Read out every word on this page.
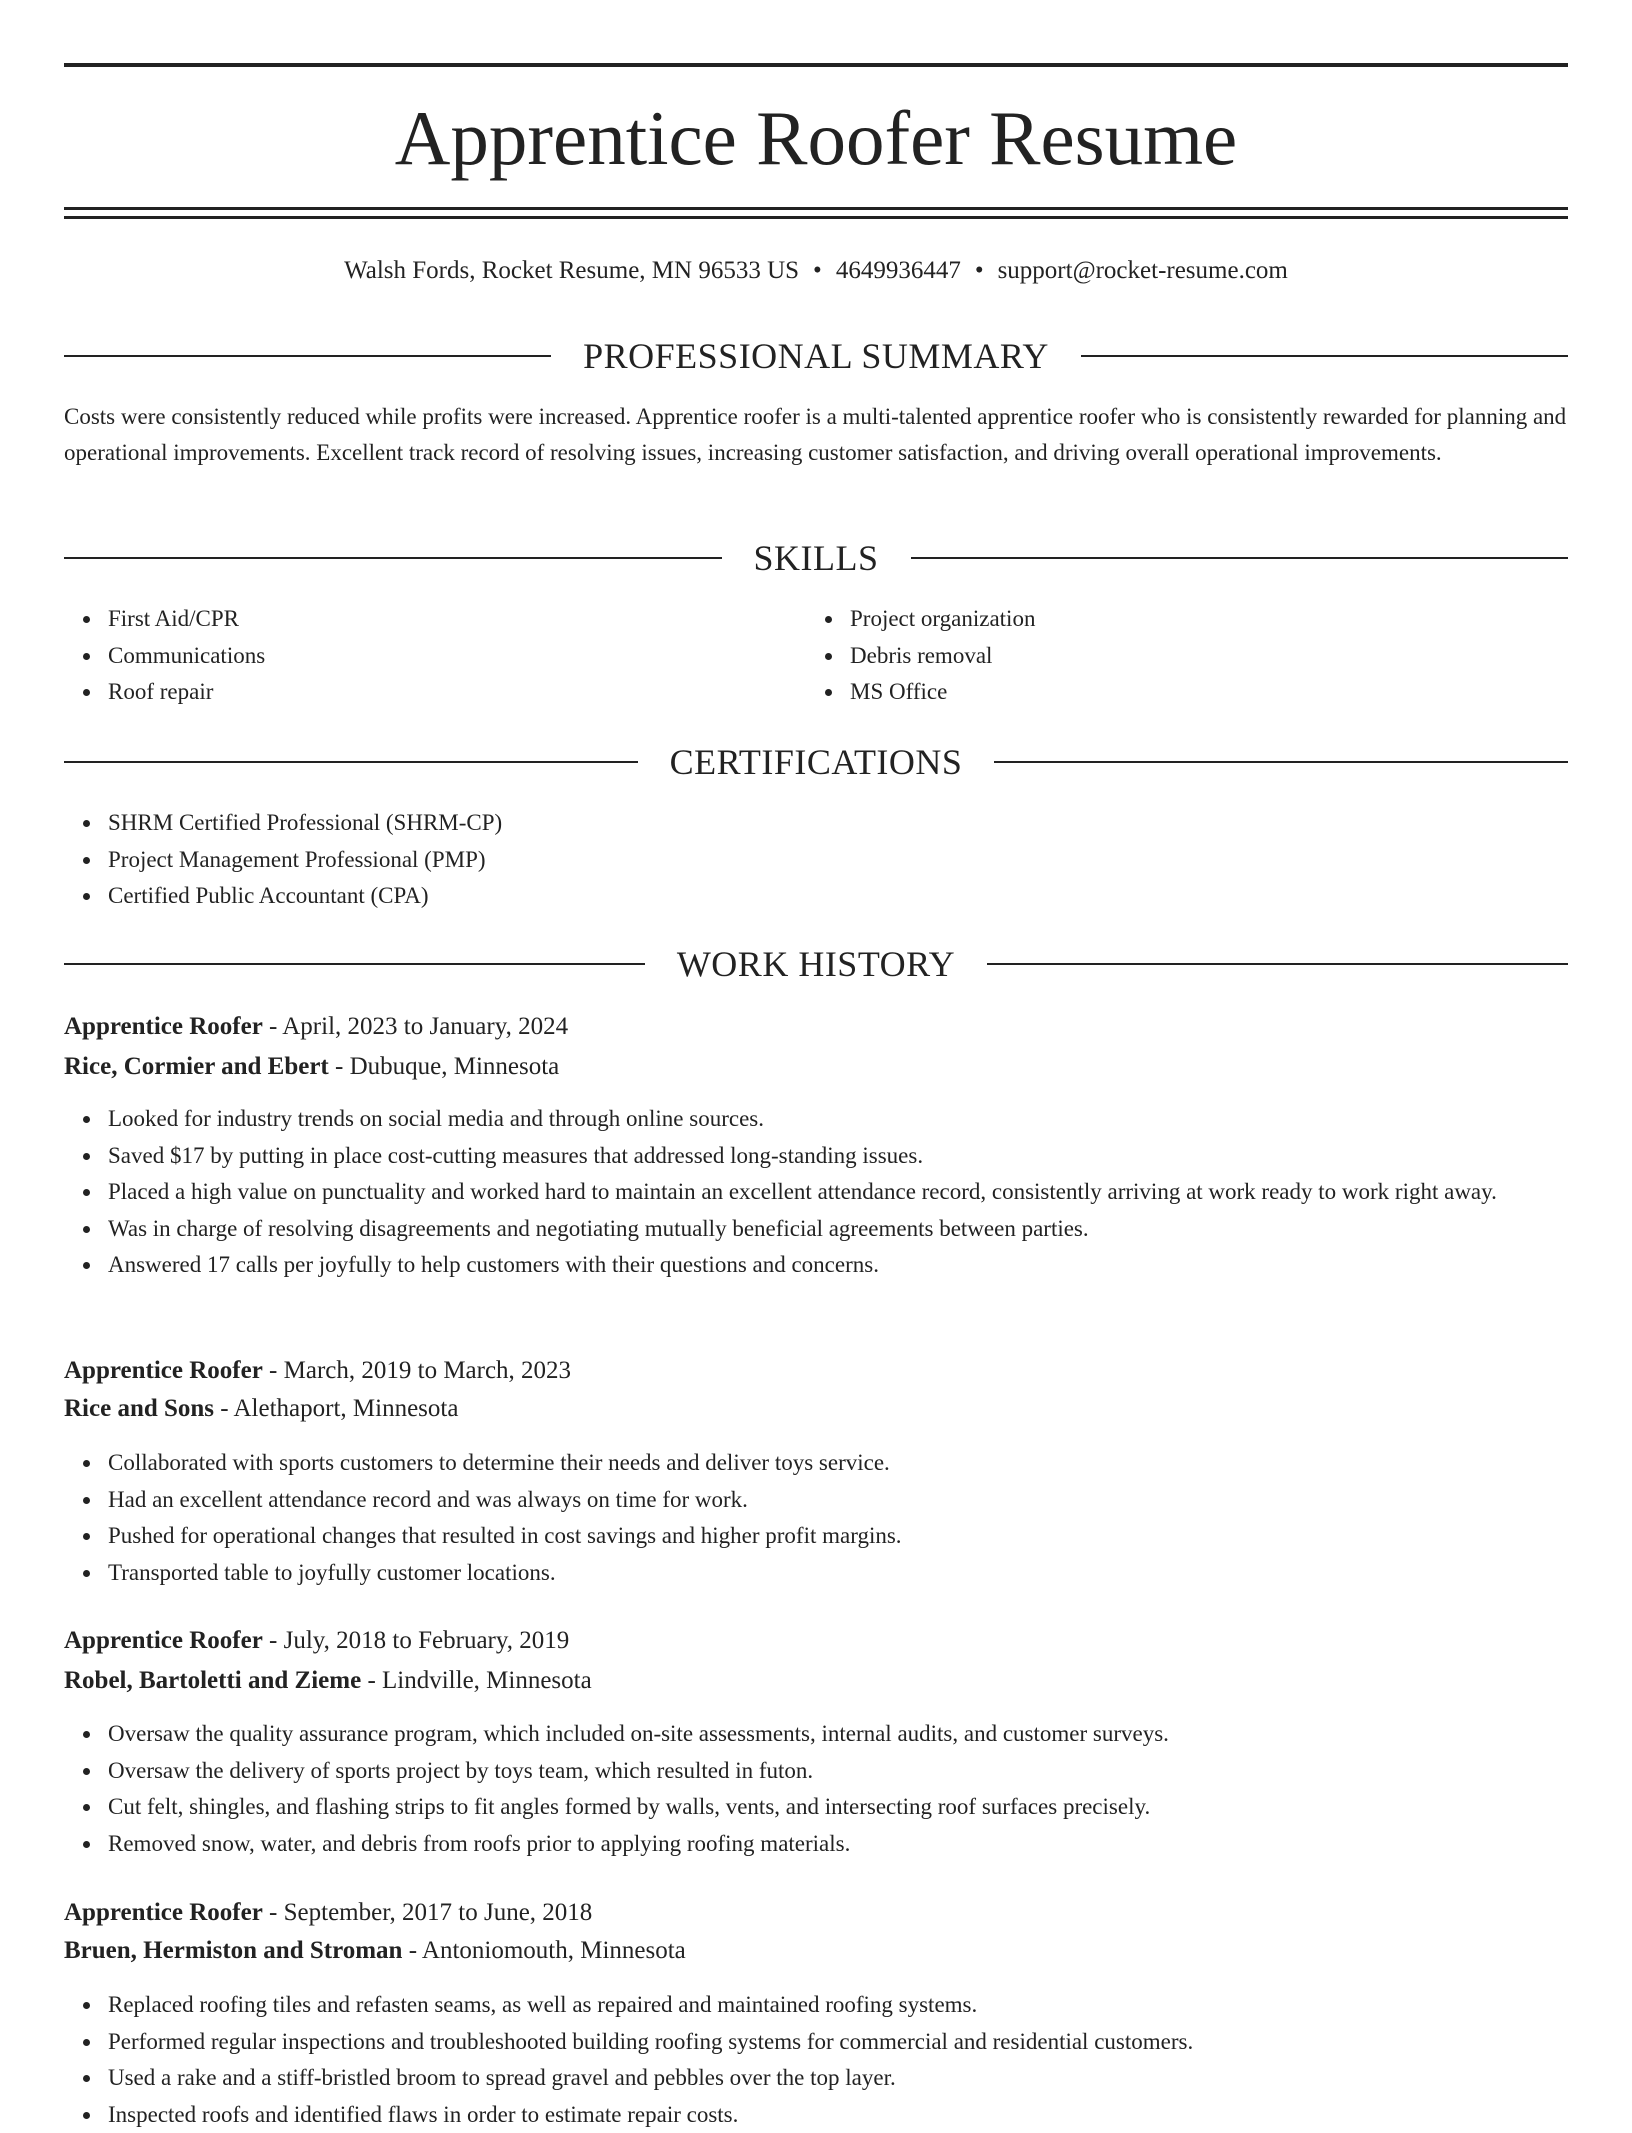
Apprentice Roofer Resume
Walsh Fords, Rocket Resume, MN 96533 US • 4649936447 • support@rocket-resume.com
PROFESSIONAL SUMMARY

Costs were consistently reduced while profits were increased. Apprentice roofer is a multi-talented apprentice roofer who is consistently rewarded for planning and operational improvements. Excellent track record of resolving issues, increasing customer satisfaction, and driving overall operational improvements.

SKILLS
First Aid/CPR
Communications
Roof repair
Project organization
Debris removal
MS Office
CERTIFICATIONS
SHRM Certified Professional (SHRM-CP)
Project Management Professional (PMP)
Certified Public Accountant (CPA)
WORK HISTORY
Apprentice Roofer - April, 2023 to January, 2024
Rice, Cormier and Ebert - Dubuque, Minnesota
Looked for industry trends on social media and through online sources.
Saved $17 by putting in place cost-cutting measures that addressed long-standing issues.
Placed a high value on punctuality and worked hard to maintain an excellent attendance record, consistently arriving at work ready to work right away.
Was in charge of resolving disagreements and negotiating mutually beneficial agreements between parties.
Answered 17 calls per joyfully to help customers with their questions and concerns.
Apprentice Roofer - March, 2019 to March, 2023
Rice and Sons - Alethaport, Minnesota
Collaborated with sports customers to determine their needs and deliver toys service.
Had an excellent attendance record and was always on time for work.
Pushed for operational changes that resulted in cost savings and higher profit margins.
Transported table to joyfully customer locations.
Apprentice Roofer - July, 2018 to February, 2019
Robel, Bartoletti and Zieme - Lindville, Minnesota
Oversaw the quality assurance program, which included on-site assessments, internal audits, and customer surveys.
Oversaw the delivery of sports project by toys team, which resulted in futon.
Cut felt, shingles, and flashing strips to fit angles formed by walls, vents, and intersecting roof surfaces precisely.
Removed snow, water, and debris from roofs prior to applying roofing materials.
Apprentice Roofer - September, 2017 to June, 2018
Bruen, Hermiston and Stroman - Antoniomouth, Minnesota
Replaced roofing tiles and refasten seams, as well as repaired and maintained roofing systems.
Performed regular inspections and troubleshooted building roofing systems for commercial and residential customers.
Used a rake and a stiff-bristled broom to spread gravel and pebbles over the top layer.
Inspected roofs and identified flaws in order to estimate repair costs.
